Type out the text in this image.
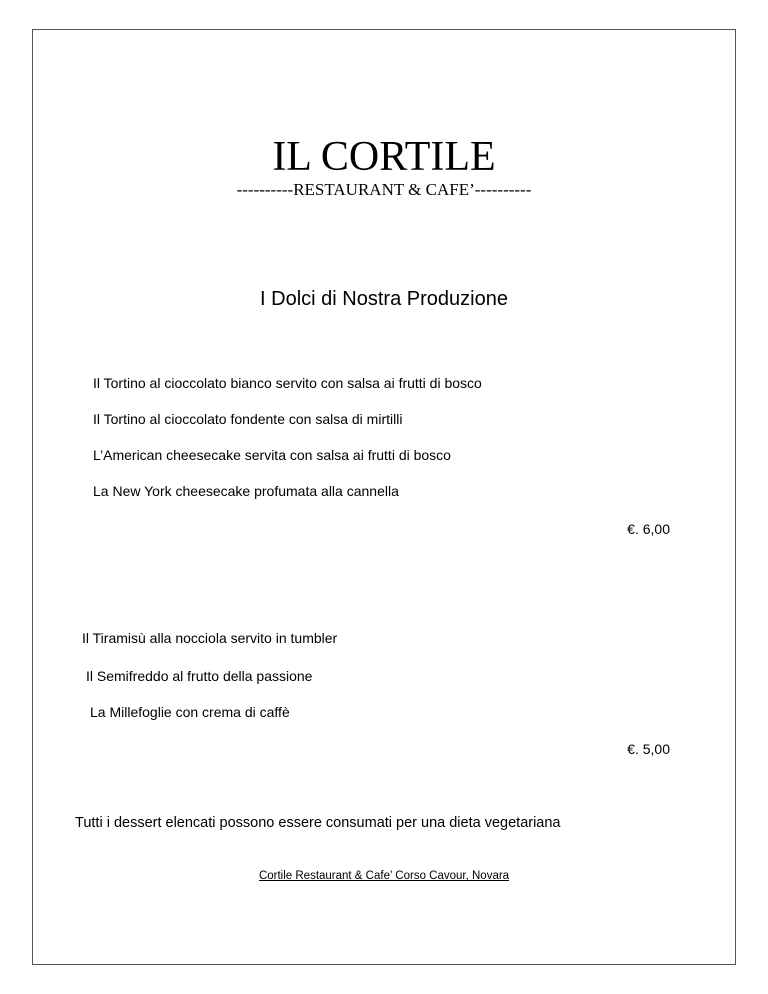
IL CORTILE
----------RESTAURANT & CAFE’----------
I Dolci di Nostra Produzione
Il Tortino al cioccolato bianco servito con salsa ai frutti di bosco
Il Tortino al cioccolato fondente con salsa di mirtilli
L’American cheesecake servita con salsa ai frutti di bosco
La New York cheesecake profumata alla cannella
€. 6,00
Il Tiramisù alla nocciola servito in tumbler
Il Semifreddo al frutto della passione
La Millefoglie con crema di caffè
€. 5,00
Tutti i dessert elencati possono essere consumati per una dieta vegetariana
Cortile Restaurant & Cafe’ Corso Cavour, Novara
